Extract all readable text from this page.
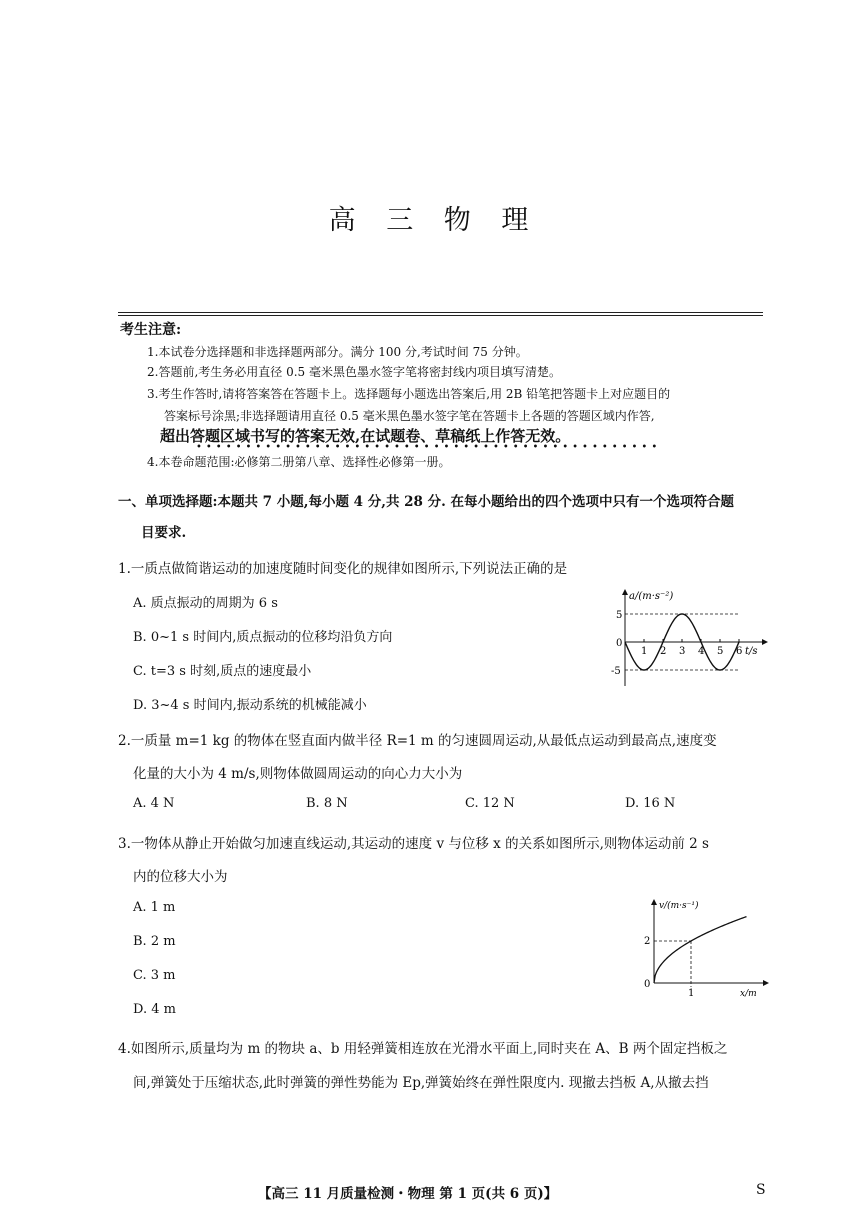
高 三 物 理
考生注意:
1.本试卷分选择题和非选择题两部分。满分 100 分,考试时间 75 分钟。
2.答题前,考生务必用直径 0.5 毫米黑色墨水签字笔将密封线内项目填写清楚。
3.考生作答时,请将答案答在答题卡上。选择题每小题选出答案后,用 2B 铅笔把答题卡上对应题目的
答案标号涂黑;非选择题请用直径 0.5 毫米黑色墨水签字笔在答题卡上各题的答题区域内作答,
超出答题区域书写的答案无效,在试题卷、草稿纸上作答无效。
•••••••••••••••••••••••••••••••••••••••••••••••
4.本卷命题范围:必修第二册第八章、选择性必修第一册。
一、单项选择题:本题共 7 小题,每小题 4 分,共 28 分. 在每小题给出的四个选项中只有一个选项符合题
目要求.
1.一质点做简谐运动的加速度随时间变化的规律如图所示,下列说法正确的是
A. 质点振动的周期为 6 s
B. 0~1 s 时间内,质点振动的位移均沿负方向
C. t=3 s 时刻,质点的速度最小
D. 3~4 s 时间内,振动系统的机械能减小
1 2 3 4 5 6
a/(m·s⁻²)
t/s
0
5
-5
2.一质量 m=1 kg 的物体在竖直面内做半径 R=1 m 的匀速圆周运动,从最低点运动到最高点,速度变
化量的大小为 4 m/s,则物体做圆周运动的向心力大小为
A. 4 N	B. 8 N	C. 12 N	D. 16 N
3.一物体从静止开始做匀加速直线运动,其运动的速度 v 与位移 x 的关系如图所示,则物体运动前 2 s
内的位移大小为
A. 1 m
B. 2 m
C. 3 m
D. 4 m
v/(m·s⁻¹)
x/m
0
2
1
4.如图所示,质量均为 m 的物块 a、b 用轻弹簧相连放在光滑水平面上,同时夹在 A、B 两个固定挡板之
间,弹簧处于压缩状态,此时弹簧的弹性势能为 Ep,弹簧始终在弹性限度内. 现撤去挡板 A,从撤去挡
【高三 11 月质量检测・物理 第 1 页(共 6 页)】	S
